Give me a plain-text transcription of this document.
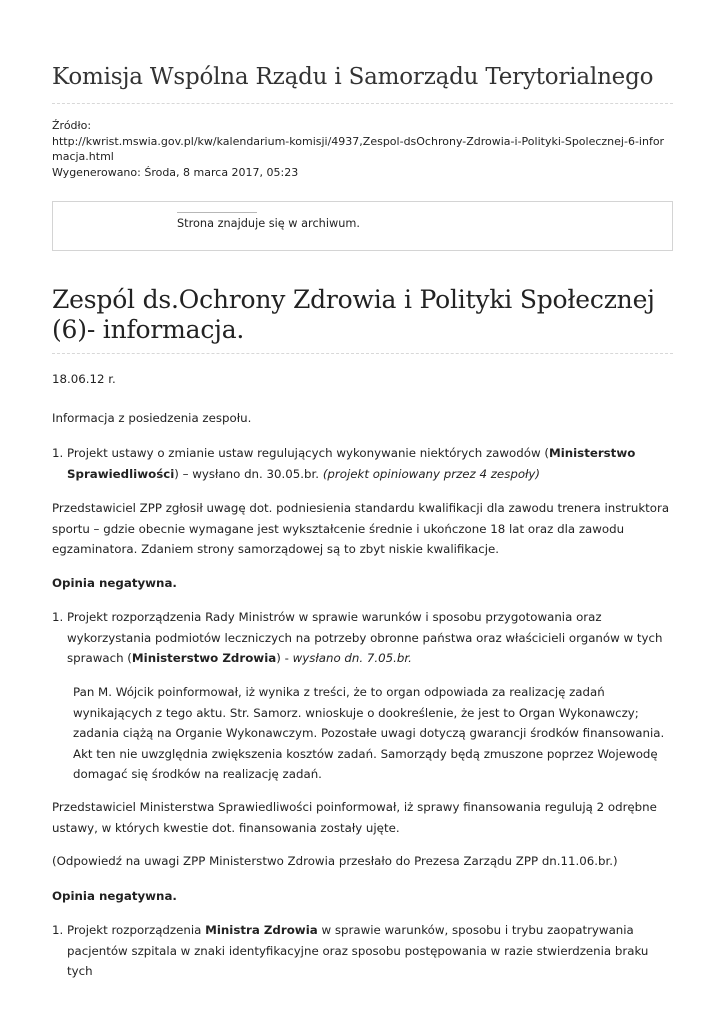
Komisja Wspólna Rządu i Samorządu Terytorialnego
Źródło:
http://kwrist.mswia.gov.pl/kw/kalendarium-komisji/4937,Zespol-dsOchrony-Zdrowia-i-Polityki-Spolecznej-6-informacja.html
Wygenerowano: Środa, 8 marca 2017, 05:23
Strona znajduje się w archiwum.
Zespól ds.Ochrony Zdrowia i Polityki Społecznej (6)- informacja.
18.06.12 r.
Informacja z posiedzenia zespołu.
1. Projekt ustawy o zmianie ustaw regulujących wykonywanie niektórych zawodów (Ministerstwo Sprawiedliwości) – wysłano dn. 30.05.br. (projekt opiniowany przez 4 zespoły)
Przedstawiciel ZPP zgłosił uwagę dot. podniesienia standardu kwalifikacji dla zawodu trenera instruktora sportu – gdzie obecnie wymagane jest wykształcenie średnie i ukończone 18 lat oraz dla zawodu egzaminatora. Zdaniem strony samorządowej są to zbyt niskie kwalifikacje.
Opinia negatywna.
1. Projekt rozporządzenia Rady Ministrów w sprawie warunków i sposobu przygotowania oraz wykorzystania podmiotów leczniczych na potrzeby obronne państwa oraz właścicieli organów w tych sprawach (Ministerstwo Zdrowia) - wysłano dn. 7.05.br.
Pan M. Wójcik poinformował, iż wynika z treści, że to organ odpowiada za realizację zadań wynikających z tego aktu. Str. Samorz. wnioskuje o dookreślenie, że jest to Organ Wykonawczy; zadania ciążą na Organie Wykonawczym. Pozostałe uwagi dotyczą gwarancji środków finansowania. Akt ten nie uwzględnia zwiększenia kosztów zadań. Samorządy będą zmuszone poprzez Wojewodę domagać się środków na realizację zadań.
Przedstawiciel Ministerstwa Sprawiedliwości poinformował, iż sprawy finansowania regulują 2 odrębne ustawy, w których kwestie dot. finansowania zostały ujęte.
(Odpowiedź na uwagi ZPP Ministerstwo Zdrowia przesłało do Prezesa Zarządu ZPP dn.11.06.br.)
Opinia negatywna.
1. Projekt rozporządzenia Ministra Zdrowia w sprawie warunków, sposobu i trybu zaopatrywania pacjentów szpitala w znaki identyfikacyjne oraz sposobu postępowania w razie stwierdzenia braku tych
